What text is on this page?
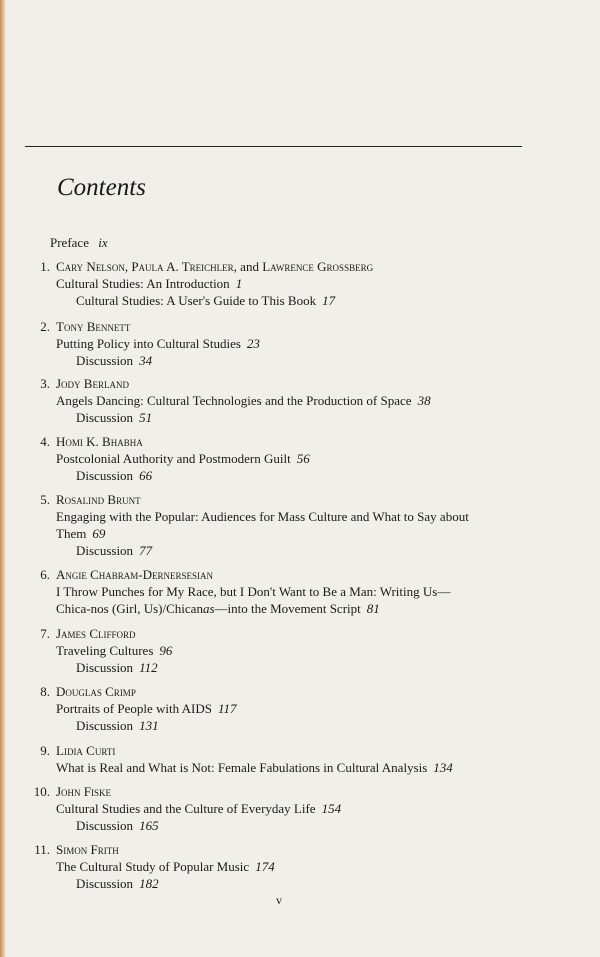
Contents
Preface ix
1. Cary Nelson, Paula A. Treichler, and Lawrence Grossberg
Cultural Studies: An Introduction 1
Cultural Studies: A User's Guide to This Book 17
2. Tony Bennett
Putting Policy into Cultural Studies 23
Discussion 34
3. Jody Berland
Angels Dancing: Cultural Technologies and the Production of Space 38
Discussion 51
4. Homi K. Bhabha
Postcolonial Authority and Postmodern Guilt 56
Discussion 66
5. Rosalind Brunt
Engaging with the Popular: Audiences for Mass Culture and What to Say about
Them 69
Discussion 77
6. Angie Chabram-Dernersesian
I Throw Punches for My Race, but I Don't Want to Be a Man: Writing Us—
Chica-nos (Girl, Us)/Chicanas—into the Movement Script 81
7. James Clifford
Traveling Cultures 96
Discussion 112
8. Douglas Crimp
Portraits of People with AIDS 117
Discussion 131
9. Lidia Curti
What is Real and What is Not: Female Fabulations in Cultural Analysis 134
10. John Fiske
Cultural Studies and the Culture of Everyday Life 154
Discussion 165
11. Simon Frith
The Cultural Study of Popular Music 174
Discussion 182
v
